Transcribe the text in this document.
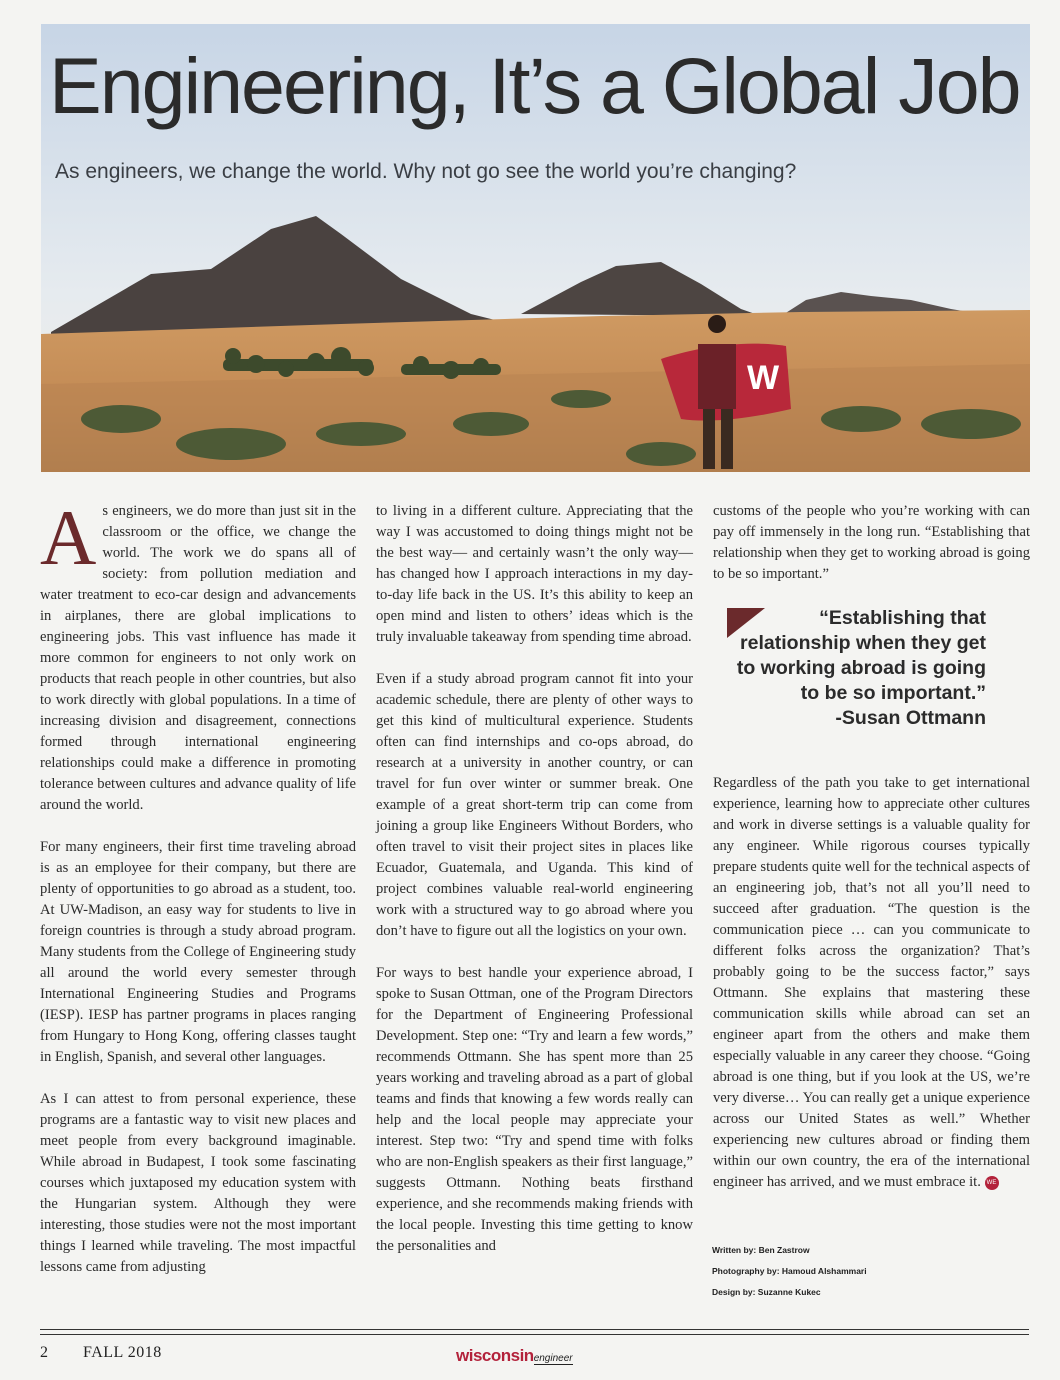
W
Engineering, It’s a Global Job

As engineers, we change the world. Why not go see the world you’re changing?

As engineers, we do more than just sit in the classroom or the office, we change the world. The work we do spans all of society: from pollution mediation and water treatment to eco-car design and advancements in airplanes, there are global implications to engineering jobs. This vast influence has made it more common for engineers to not only work on products that reach people in other countries, but also to work directly with global populations. In a time of increasing division and disagreement, connections formed through international engineering relationships could make a difference in promoting tolerance between cultures and advance quality of life around the world.

For many engineers, their first time traveling abroad is as an employee for their company, but there are plenty of opportunities to go abroad as a student, too. At UW-Madison, an easy way for students to live in foreign countries is through a study abroad program. Many students from the College of Engineering study all around the world every semester through International Engineering Studies and Programs (IESP). IESP has partner programs in places ranging from Hungary to Hong Kong, offering classes taught in English, Spanish, and several other languages.

As I can attest to from personal experience, these programs are a fantastic way to visit new places and meet people from every background imaginable. While abroad in Budapest, I took some fascinating courses which juxtaposed my education system with the Hungarian system. Although they were interesting, those studies were not the most important things I learned while traveling. The most impactful lessons came from adjusting

to living in a different culture. Appreciating that the way I was accustomed to doing things might not be the best way— and certainly wasn’t the only way— has changed how I approach interactions in my day-to-day life back in the US. It’s this ability to keep an open mind and listen to others’ ideas which is the truly invaluable takeaway from spending time abroad.

Even if a study abroad program cannot fit into your academic schedule, there are plenty of other ways to get this kind of multicultural experience. Students often can find internships and co-ops abroad, do research at a university in another country, or can travel for fun over winter or summer break. One example of a great short-term trip can come from joining a group like Engineers Without Borders, who often travel to visit their project sites in places like Ecuador, Guatemala, and Uganda. This kind of project combines valuable real-world engineering work with a structured way to go abroad where you don’t have to figure out all the logistics on your own.

For ways to best handle your experience abroad, I spoke to Susan Ottman, one of the Program Directors for the Department of Engineering Professional Development. Step one: “Try and learn a few words,” recommends Ottmann. She has spent more than 25 years working and traveling abroad as a part of global teams and finds that knowing a few words really can help and the local people may appreciate your interest. Step two: “Try and spend time with folks who are non-English speakers as their first language,” suggests Ottmann. Nothing beats firsthand experience, and she recommends making friends with the local people. Investing this time getting to know the personalities and

customs of the people who you’re working with can pay off immensely in the long run. “Establishing that relationship when they get to working abroad is going to be so important.”

“Establishing that relationship when they get to working abroad is going to be so important.”
-Susan Ottmann

Regardless of the path you take to get international experience, learning how to appreciate other cultures and work in diverse settings is a valuable quality for any engineer. While rigorous courses typically prepare students quite well for the technical aspects of an engineering job, that’s not all you’ll need to succeed after graduation. “The question is the communication piece … can you communicate to different folks across the organization? That’s probably going to be the success factor,” says Ottmann. She explains that mastering these communication skills while abroad can set an engineer apart from the others and make them especially valuable in any career they choose. “Going abroad is one thing, but if you look at the US, we’re very diverse… You can really get a unique experience across our United States as well.” Whether experiencing new cultures abroad or finding them within our own country, the era of the international engineer has arrived, and we must embrace it. WE

Written by: Ben Zastrow
Photography by: Hamoud Alshammari
Design by: Suzanne Kukec
2 FALL 2018	wisconsinengineer
